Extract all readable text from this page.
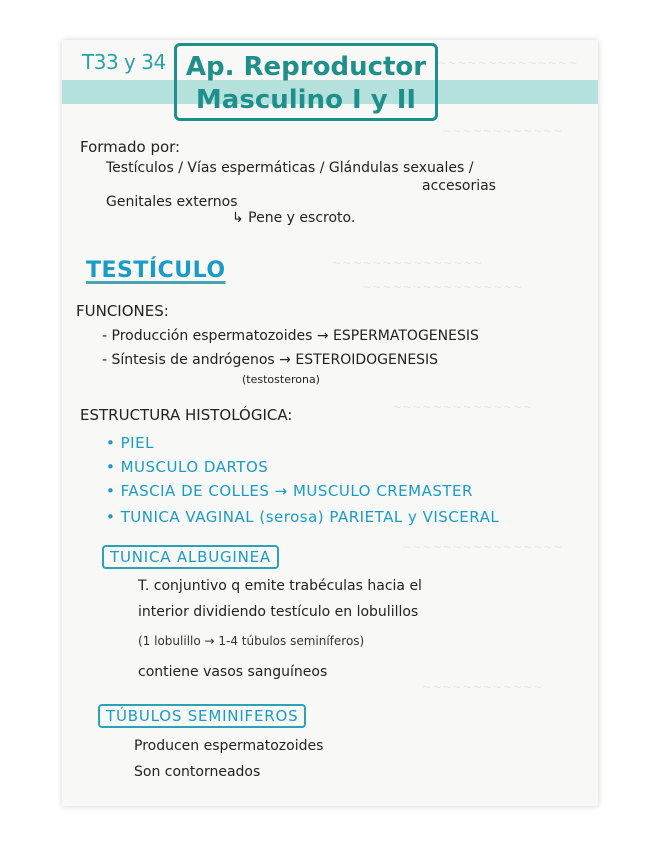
~~~~~~~~~~~~~~
~~~~~~~~~~~~
~~~~~~~~~~~~~~~
~~~~~~~~~~~~~~~~
~~~~~~~~~~~~~~
~~~~~~~~~~~~~~~~
~~~~~~~~~~~~
T33 y 34 Ap. Reproductor
Masculino I y II
Formado por:
Testículos / Vías espermáticas / Glándulas sexuales /
accesorias
Genitales externos
↳ Pene y escroto.
TESTÍCULO
FUNCIONES:
- Producción espermatozoides → ESPERMATOGENESIS
- Síntesis de andrógenos → ESTEROIDOGENESIS
(testosterona)
ESTRUCTURA HISTOLÓGICA:
• PIEL
• MUSCULO DARTOS
• FASCIA DE COLLES → MUSCULO CREMASTER
• TUNICA VAGINAL (serosa) PARIETAL y VISCERAL
TUNICA ALBUGINEA
T. conjuntivo q emite trabéculas hacia el
interior dividiendo testículo en lobulillos
(1 lobulillo → 1-4 túbulos seminíferos)
contiene vasos sanguíneos
TÚBULOS SEMINIFEROS
Producen espermatozoides
Son contorneados
